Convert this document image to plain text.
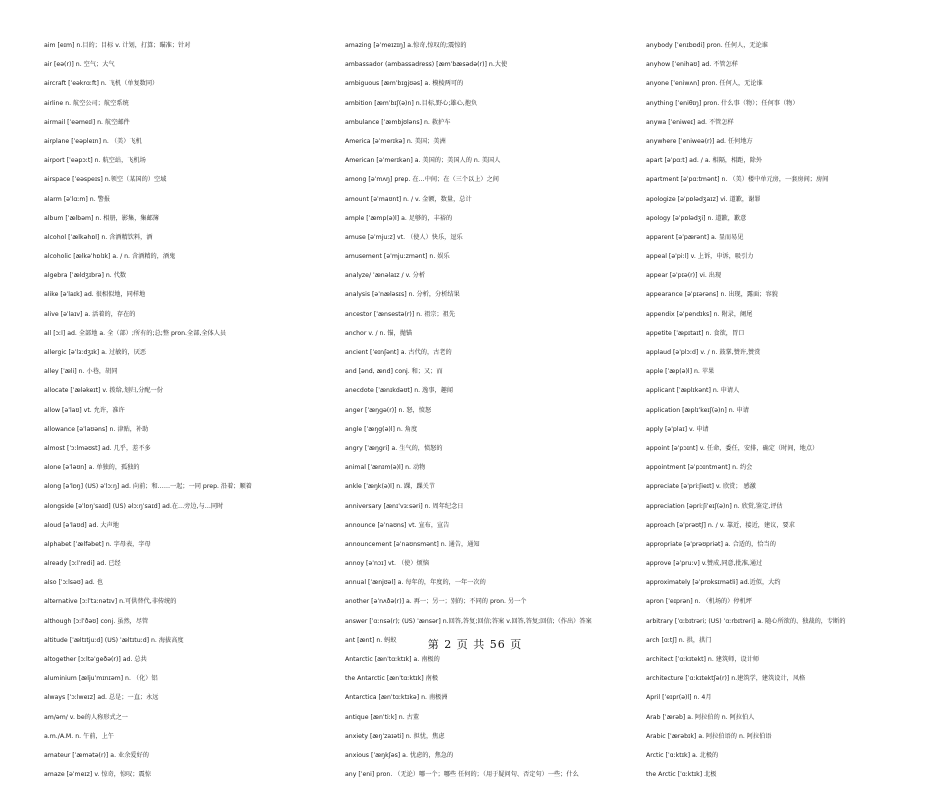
aim [eɪm] n.目的；目标 v. 计划，打算；瞄准；针对
air [eə(r)] n. 空气；大气
aircraft [ˈeəkrɑːft] n. 飞机（单复数同）
airline n. 航空公司；航空系统
airmail [ˈeəmeɪl] n. 航空邮件
airplane [ˈeəpleɪn] n. （美）飞机
airport [ˈeəpɔːt] n. 航空站，飞机场
airspace [ˈeəspeɪs] n.领空（某国的）空域
alarm [əˈlɑːm] n. 警报
album [ˈælbəm] n. 相册，影集，集邮簿
alcohol [ˈælkəhɒl] n. 含酒精饮料，酒
alcoholic [ælkəˈhɒlɪk] a. / n. 含酒精的，酒鬼
algebra [ˈældʒɪbrə] n. 代数
alike [əˈlaɪk] ad. 很相似地，同样地
alive [əˈlaɪv] a. 活着的，存在的
all [ɔːl] ad. 全部地 a. 全（部）;所有的;总;整 pron.全部,全体人员
allergic [əˈlɜːdʒɪk] a. 过敏的，厌恶
alley [ˈæli] n. 小巷，胡同
allocate [ˈæləkeɪt] v. 拨给,划归,分配一份
allow [əˈlaʊ] vt. 允许，准许
allowance [əˈlaʊəns] n. 津贴，补助
almost [ˈɔːlməʊst] ad. 几乎，差不多
alone [əˈləʊn] a. 单独的，孤独的
along [əˈlɒŋ] (US) əˈlɔːŋ] ad. 向前；和……一起；一同 prep. 沿着；顺着
alongside [əˈlɒŋˈsaɪd] (US) əlɔːŋˈsaɪd] ad.在…旁边,与…同时
aloud [əˈlaʊd] ad. 大声地
alphabet [ˈælfəbet] n. 字母表，字母
already [ɔːlˈredi] ad. 已经
also [ˈɔːlsəʊ] ad. 也
alternative [ɔːlˈtɜːnətɪv] n.可供替代,非传统的
although [ɔːlˈðəʊ] conj. 虽然，尽管
altitude [ˈæltɪtjuːd] (US) ˈæltɪtuːd] n. 海拔高度
altogether [ɔːltəˈgeðə(r)] ad. 总共
aluminium [æljuˈmɪnɪəm] n. （化）铝
always [ˈɔːlweɪz] ad. 总是；一直；永远
am/əm/ v. be的人称形式之一
a.m./A.M. n. 午前，上午
amateur [ˈæmətə(r)] a. 业余爱好的
amaze [əˈmeɪz] v. 惊奇，惊叹；震惊
amazing [əˈmeɪzɪŋ] a.惊奇,惊叹的;震惊的
ambassador (ambassadress) [æmˈbæsədə(r)] n.大使
ambiguous [æmˈbɪgjʊəs] a. 模棱两可的
ambition [æmˈbɪʃ(ə)n] n.目标,野心;雄心,抱负
ambulance [ˈæmbjʊləns] n. 救护车
America [əˈmerɪkə] n. 美国；美洲
American [əˈmerɪkən] a. 美国的；美国人的 n. 美国人
among [əˈmʌŋ] prep. 在…中间；在（三个以上）之间
amount [əˈmaʊnt] n. / v. 金额，数量，总计
ample [ˈæmp(ə)l] a. 足够的，丰裕的
amuse [əˈmjuːz] vt. （使人）快乐，逗乐
amusement [əˈmjuːzmənt] n. 娱乐
analyze/ ˈænəlaɪz / v. 分析
analysis [əˈnæləsɪs] n. 分析，分析结果
ancestor [ˈænsestə(r)] n. 祖宗；祖先
anchor v. / n. 锚，拋锚
ancient [ˈeɪnʃənt] a. 古代的，古老的
and [ənd, ænd] conj. 和；又；而
anecdote [ˈænɪkdəʊt] n. 逸事，趣闻
anger [ˈæŋgə(r)] n. 怒，愤怒
angle [ˈæŋg(ə)l] n. 角度
angry [ˈæŋgri] a. 生气的，愤怒的
animal [ˈænɪm(ə)l] n. 动物
ankle [ˈæŋk(ə)l] n. 踝，踝关节
anniversary [ænɪˈvɜːsəri] n. 周年纪念日
announce [əˈnaʊns] vt. 宣布，宣告
announcement [əˈnaʊnsmənt] n. 通告，通知
annoy [əˈnɔɪ] vt. （使）烦恼
annual [ˈænjʊəl] a. 每年的，年度的，一年一次的
another [əˈnʌðə(r)] a. 再一；另一；别的；不同的 pron. 另一个
answer [ˈɑːnsə(r); (US) ˈænsər] n.回答,答复;回信;答案 v.回答,答复;回信;（作出）答案
ant [ænt] n. 蚂蚁
Antarctic [ænˈtɑːktɪk] a. 南极的
the Antarctic [ænˈtɑːktɪk] 南极
Antarctica [ænˈtɑːktɪkə] n. 南极洲
antique [ænˈtiːk] n. 古董
anxiety [æŋˈzaɪəti] n. 担忧，焦虑
anxious [ˈæŋkʃəs] a. 忧虑的，焦急的
any [ˈeni] pron. （无论）哪一个；哪些 任何的；（用于疑问句、否定句）一些；什么
anybody [ˈenɪbɒdi] pron. 任何人，无论谁
anyhow [ˈenihaʊ] ad. 不管怎样
anyone [ˈeniwʌn] pron. 任何人，无论谁
anything [ˈeniθɪŋ] pron. 什么事（物）；任何事（物）
anywa [ˈeniweɪ] ad. 不管怎样
anywhere [ˈeniweə(r)] ad. 任何地方
apart [əˈpɑːt] ad. / a. 相隔，相距，除外
apartment [əˈpɑːtmənt] n. （美）楼中单元房，一套房间；房间
apologize [əˈpɒlədʒaɪz] vi. 道歉，谢罪
apology [əˈpɒlədʒi] n. 道歉，歉意
apparent [əˈpærənt] a. 显而易见
appeal [əˈpiːl] v. 上诉，申诉，吸引力
appear [əˈpɪə(r)] vi. 出现
appearance [əˈpɪərəns] n. 出现，露面；容貌
appendix [əˈpendɪks] n. 附录，阑尾
appetite [ˈæpɪtaɪt] n. 食欲，胃口
applaud [əˈplɔːd] v. / n. 鼓掌,赞许,赞赏
apple [ˈæp(ə)l] n. 苹果
applicant [ˈæplɪkənt] n. 申请人
application [æplɪˈkeɪʃ(ə)n] n. 申请
apply [əˈplaɪ] v. 申请
appoint [əˈpɔɪnt] v. 任命，委任，安排，确定（时间，地点）
appointment [əˈpɔɪntmənt] n. 约会
appreciate [əˈpriːʃieɪt] v. 欣赏； 感激
appreciation [əpriːʃiˈeɪʃ(ə)n] n. 欣赏,鉴定,评估
approach [əˈprəʊtʃ] n. / v. 靠近，接近，建议，要求
appropriate [əˈprəʊpriət] a. 合适的，恰当的
approve [əˈpruːv] v.赞成,同意,批准,通过
approximately [əˈprɒksɪmətli] ad.近似，大约
apron [ˈeɪprən] n. （机场的）停机坪
arbitrary [ˈɑːbɪtrəri; (US) ˈɑːrbɪtreri] a. 随心所欲的、独裁的，专断的
arch [ɑːtʃ] n. 拱，拱门
architect [ˈɑːkɪtekt] n. 建筑师，设计师
architecture [ˈɑːkɪtektʃə(r)] n.建筑学，建筑设计，风格
April [ˈeɪpr(ə)l] n. 4月
Arab [ˈærəb] a. 阿拉伯的 n. 阿拉伯人
Arabic [ˈærəbɪk] a. 阿拉伯语的 n. 阿拉伯语
Arctic [ˈɑːktɪk] a. 北极的
the Arctic [ˈɑːktɪk] 北极
第 2 页 共 56 页
